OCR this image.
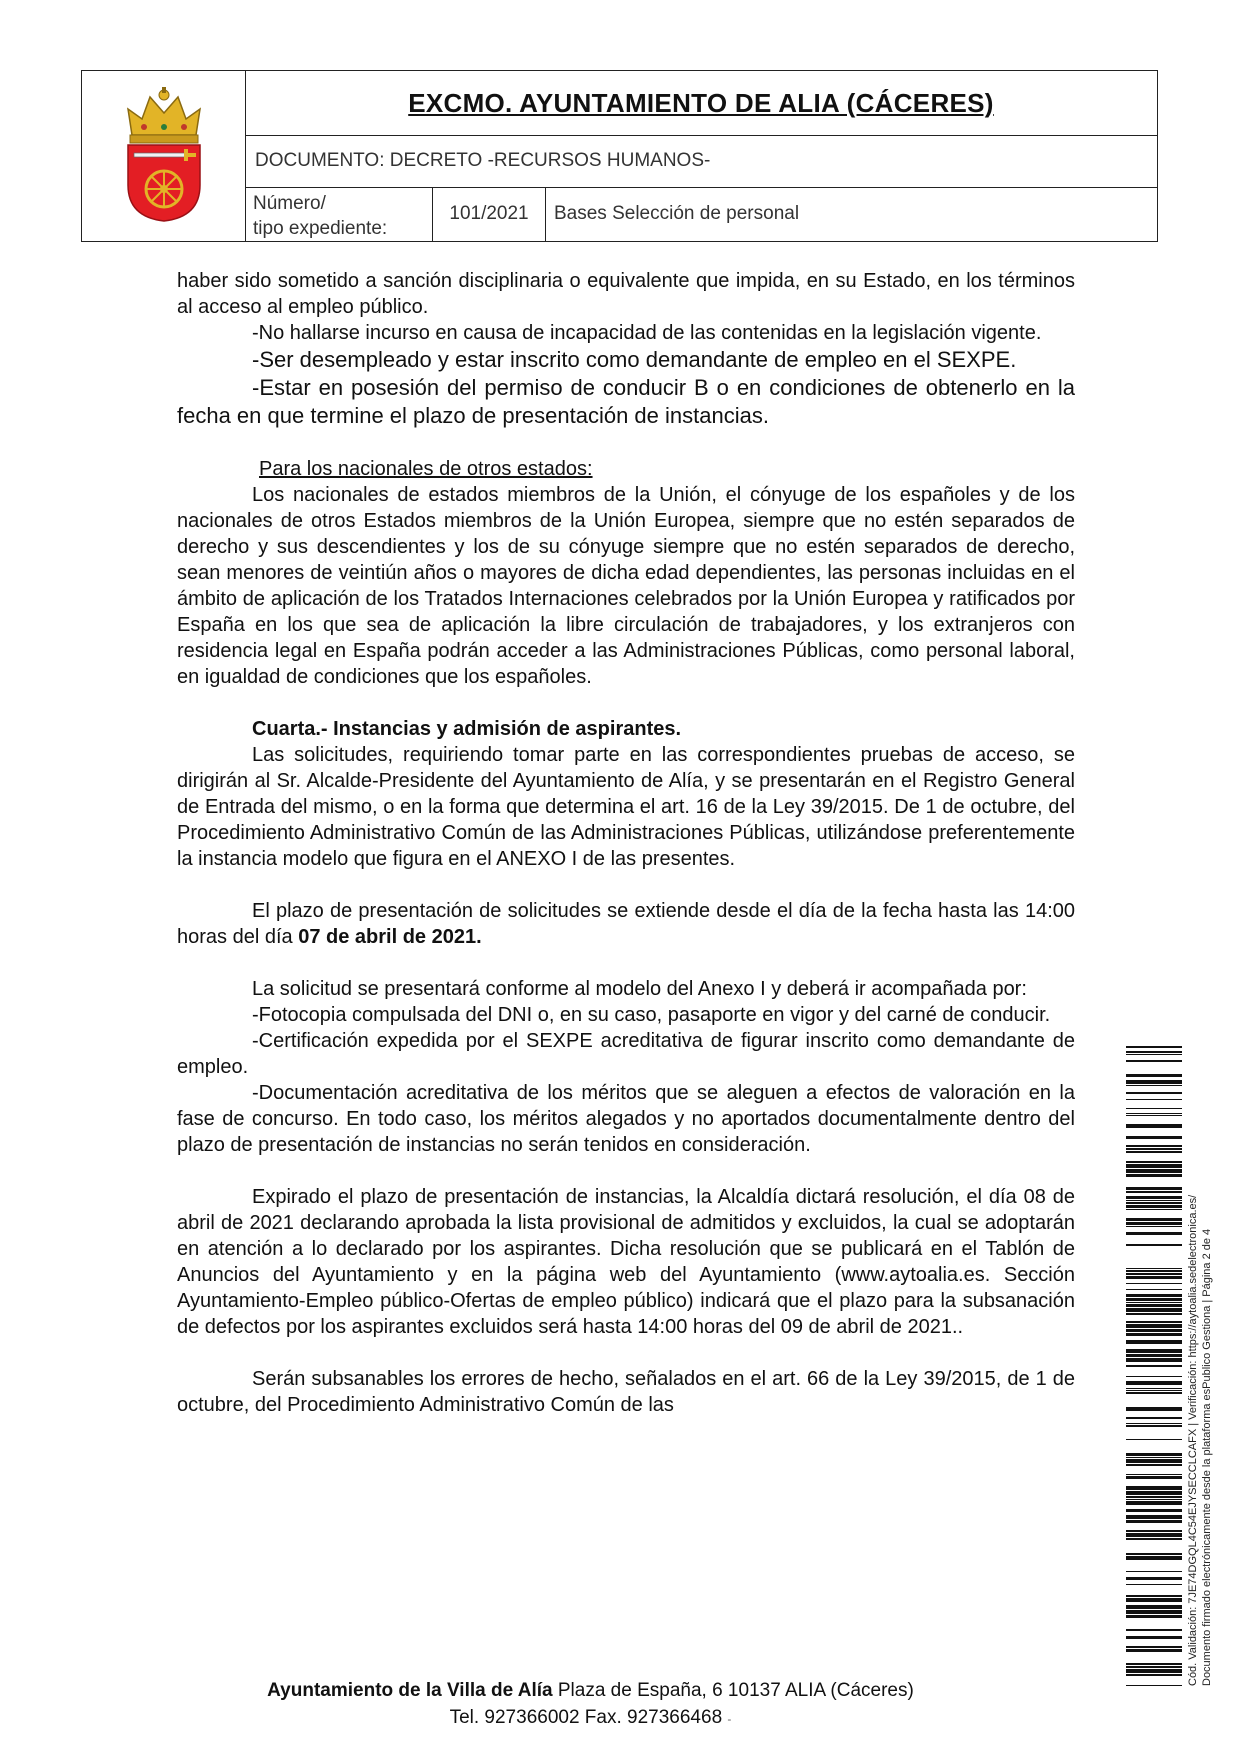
EXCMO. AYUNTAMIENTO DE ALIA (CÁCERES)
DOCUMENTO: DECRETO -RECURSOS HUMANOS-
Número/
tipo expediente:
101/2021	Bases Selección de personal

haber sido sometido a sanción disciplinaria o equivalente que impida, en su Estado, en los términos al acceso al empleo público.

-No hallarse incurso en causa de incapacidad de las contenidas en la legislación vigente.

-Ser desempleado y estar inscrito como demandante de empleo en el SEXPE.

-Estar en posesión del permiso de conducir B o en condiciones de obtenerlo en la fecha en que termine el plazo de presentación de instancias.

Para los nacionales de otros estados:

Los nacionales de estados miembros de la Unión, el cónyuge de los españoles y de los nacionales de otros Estados miembros de la Unión Europea, siempre que no estén separados de derecho y sus descendientes y los de su cónyuge siempre que no estén separados de derecho, sean menores de veintiún años o mayores de dicha edad dependientes, las personas incluidas en el ámbito de aplicación de los Tratados Internaciones celebrados por la Unión Europea y ratificados por España en los que sea de aplicación la libre circulación de trabajadores, y los extranjeros con residencia legal en España podrán acceder a las Administraciones Públicas, como personal laboral, en igualdad de condiciones que los españoles.

Cuarta.- Instancias y admisión de aspirantes.

Las solicitudes, requiriendo tomar parte en las correspondientes pruebas de acceso, se dirigirán al Sr. Alcalde-Presidente del Ayuntamiento de Alía, y se presentarán en el Registro General de Entrada del mismo, o en la forma que determina el art. 16 de la Ley 39/2015. De 1 de octubre, del Procedimiento Administrativo Común de las Administraciones Públicas, utilizándose preferentemente la instancia modelo que figura en el ANEXO I de las presentes.

El plazo de presentación de solicitudes se extiende desde el día de la fecha hasta las 14:00 horas del día 07 de abril de 2021.

La solicitud se presentará conforme al modelo del Anexo I y deberá ir acompañada por:

-Fotocopia compulsada del DNI o, en su caso, pasaporte en vigor y del carné de conducir.

-Certificación expedida por el SEXPE acreditativa de figurar inscrito como demandante de empleo.

-Documentación acreditativa de los méritos que se aleguen a efectos de valoración en la fase de concurso. En todo caso, los méritos alegados y no aportados documentalmente dentro del plazo de presentación de instancias no serán tenidos en consideración.

Expirado el plazo de presentación de instancias, la Alcaldía dictará resolución, el día 08 de abril de 2021 declarando aprobada la lista provisional de admitidos y excluidos, la cual se adoptarán en atención a lo declarado por los aspirantes. Dicha resolución que se publicará en el Tablón de Anuncios del Ayuntamiento y en la página web del Ayuntamiento (www.aytoalia.es. Sección Ayuntamiento-Empleo público-Ofertas de empleo público) indicará que el plazo para la subsanación de defectos por los aspirantes excluidos será hasta 14:00 horas del 09 de abril de 2021..

Serán subsanables los errores de hecho, señalados en el art. 66 de la Ley 39/2015, de 1 de octubre, del Procedimiento Administrativo Común de las

Ayuntamiento de la Villa de Alía Plaza de España, 6 10137 ALIA (Cáceres)
Tel. 927366002 Fax. 927366468 -
Cód. Validación: 7JE74DGQL4C54EJYSECCLCAFX | Verificación: https://aytoalia.sedelectronica.es/ Documento firmado electrónicamente desde la plataforma esPublico Gestiona | Página 2 de 4
